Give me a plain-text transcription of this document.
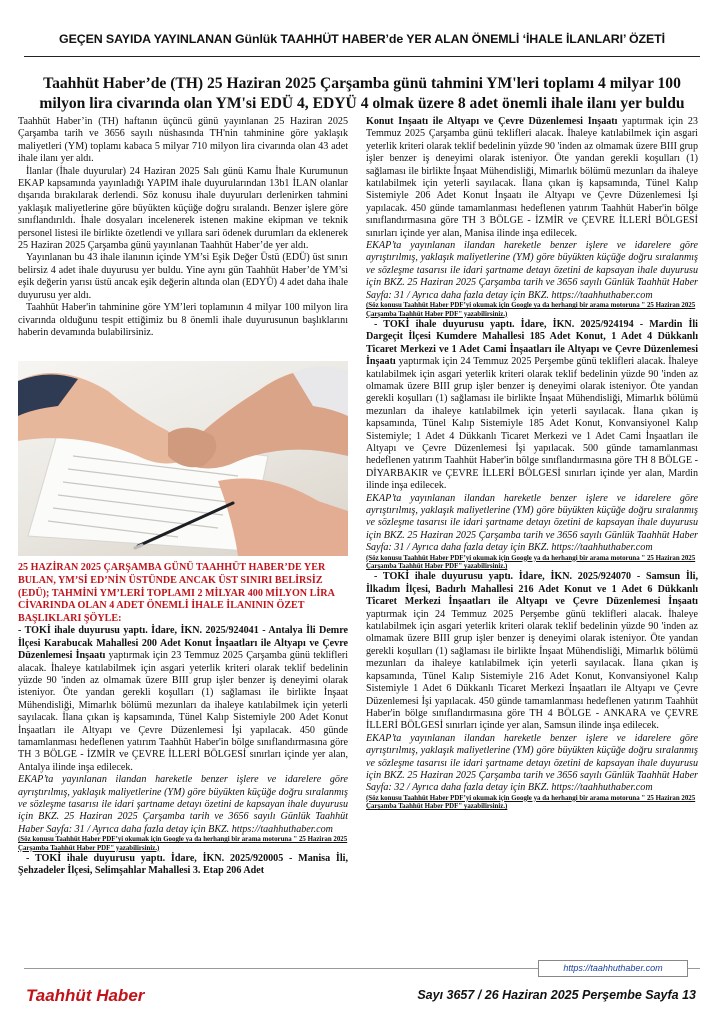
GEÇEN SAYIDA YAYINLANAN Günlük TAAHHÜT HABER’de YER ALAN ÖNEMLİ ‘İHALE İLANLARI’ ÖZETİ
Taahhüt Haber’de (TH) 25 Haziran 2025 Çarşamba günü tahmini YM'leri toplamı 4 milyar 100 milyon lira civarında olan YM'si EDÜ 4, EDYÜ 4 olmak üzere 8 adet önemli ihale ilanı yer buldu

Taahhüt Haber’in (TH) haftanın üçüncü günü yayınlanan 25 Haziran 2025 Çarşamba tarih ve 3656 sayılı nüshasında TH'nin tahminine göre yaklaşık maliyetleri (YM) toplamı kabaca 5 milyar 710 milyon lira civarında olan 43 adet ihale ilanı yer aldı.

İlanlar (İhale duyurular) 24 Haziran 2025 Salı günü Kamu İhale Kurumunun EKAP kapsamında yayınladığı YAPIM ihale duyurularından 13b1 İLAN olanlar dışarıda bırakılarak derlendi. Söz konusu ihale duyuruları derlenirken tahmini yaklaşık maliyetlerine göre büyükten küçüğe doğru sıralandı. Benzer işlere göre sınıflandırıldı. İhale dosyaları incelenerek istenen makine ekipman ve teknik personel listesi ile birlikte özetlendi ve yıllara sari ödenek durumları da eklenerek 25 Haziran 2025 Çarşamba günü yayınlanan Taahhüt Haber’de yer aldı.

Yayınlanan bu 43 ihale ilanının içinde YM’si Eşik Değer Üstü (EDÜ) üst sınırı belirsiz 4 adet ihale duyurusu yer buldu. Yine aynı gün Taahhüt Haber’de YM’si eşik değerin yarısı üstü ancak eşik değerin altında olan (EDYÜ) 4 adet daha ihale duyurusu yer aldı.

Taahhüt Haber'in tahminine göre YM’leri toplamının 4 milyar 100 milyon lira civarında olduğunu tespit ettiğimiz bu 8 önemli ihale duyurusunun başlıklarını haberin devamında bulabilirsiniz.

25 HAZİRAN 2025 ÇARŞAMBA GÜNÜ TAAHHÜT HABER’DE YER BULAN, YM’Sİ ED’NİN ÜSTÜNDE ANCAK ÜST SINIRI BELİRSİZ (EDÜ); TAHMİNİ YM’LERİ TOPLAMI 2 MİLYAR 400 MİLYON LİRA CİVARINDA OLAN 4 ADET ÖNEMLİ İHALE İLANININ ÖZET BAŞLIKLARI ŞÖYLE:

- TOKİ ihale duyurusu yaptı. İdare, İKN. 2025/924041 - Antalya İli Demre İlçesi Karabucak Mahallesi 200 Adet Konut İnşaatları ile Altyapı ve Çevre Düzenlemesi İnşaatı yaptırmak için 23 Temmuz 2025 Çarşamba günü teklifleri alacak. İhaleye katılabilmek için asgari yeterlik kriteri olarak teklif bedelinin yüzde 90 'inden az olmamak üzere BIII grup işler benzer iş deneyimi olarak isteniyor. Öte yandan gerekli koşulları (1) sağlaması ile birlikte İnşaat Mühendisliği, Mimarlık bölümü mezunları da ihaleye katılabilmek için yeterli sayılacak. İlana çıkan iş kapsamında, Tünel Kalıp Sistemiyle 200 Adet Konut İnşaatları ile Altyapı ve Çevre Düzenlemesi İşi yapılacak. 450 günde tamamlanması hedeflenen yatırım Taahhüt Haber'in bölge sınıflandırmasına göre TH 3 BÖLGE - İZMİR ve ÇEVRE İLLERİ BÖLGESİ sınırları içinde yer alan, Antalya ilinde inşa edilecek.

EKAP’ta yayınlanan ilandan hareketle benzer işlere ve idarelere göre ayrıştırılmış, yaklaşık maliyetlerine (YM) göre büyükten küçüğe doğru sıralanmış ve sözleşme tasarısı ile idari şartname detayı özetini de kapsayan ihale duyurusu için BKZ. 25 Haziran 2025 Çarşamba tarih ve 3656 sayılı Günlük Taahhüt Haber Sayfa: 31 / Ayrıca daha fazla detay için BKZ. https://taahhuthaber.com

(Söz konusu Taahhüt Haber PDF’yi okumak için Google ya da herhangi bir arama motoruna " 25 Haziran 2025 Çarşamba Taahhüt Haber PDF" yazabilirsiniz.)

- TOKİ ihale duyurusu yaptı. İdare, İKN. 2025/920005 - Manisa İli, Şehzadeler İlçesi, Selimşahlar Mahallesi 3. Etap 206 Adet

Konut İnşaatı ile Altyapı ve Çevre Düzenlemesi İnşaatı yaptırmak için 23 Temmuz 2025 Çarşamba günü teklifleri alacak. İhaleye katılabilmek için asgari yeterlik kriteri olarak teklif bedelinin yüzde 90 'inden az olmamak üzere BIII grup işler benzer iş deneyimi olarak isteniyor. Öte yandan gerekli koşulları (1) sağlaması ile birlikte İnşaat Mühendisliği, Mimarlık bölümü mezunları da ihaleye katılabilmek için yeterli sayılacak. İlana çıkan iş kapsamında, Tünel Kalıp Sistemiyle 206 Adet Konut İnşaatı ile Altyapı ve Çevre Düzenlemesi İşi yapılacak. 450 günde tamamlanması hedeflenen yatırım Taahhüt Haber'in bölge sınıflandırmasına göre TH 3 BÖLGE - İZMİR ve ÇEVRE İLLERİ BÖLGESİ sınırları içinde yer alan, Manisa ilinde inşa edilecek.

EKAP’ta yayınlanan ilandan hareketle benzer işlere ve idarelere göre ayrıştırılmış, yaklaşık maliyetlerine (YM) göre büyükten küçüğe doğru sıralanmış ve sözleşme tasarısı ile idari şartname detayı özetini de kapsayan ihale duyurusu için BKZ. 25 Haziran 2025 Çarşamba tarih ve 3656 sayılı Günlük Taahhüt Haber Sayfa: 31 / Ayrıca daha fazla detay için BKZ. https://taahhuthaber.com

(Söz konusu Taahhüt Haber PDF’yi okumak için Google ya da herhangi bir arama motoruna " 25 Haziran 2025 Çarşamba Taahhüt Haber PDF" yazabilirsiniz.)

- TOKİ ihale duyurusu yaptı. İdare, İKN. 2025/924194 - Mardin İli Dargeçit İlçesi Kumdere Mahallesi 185 Adet Konut, 1 Adet 4 Dükkanlı Ticaret Merkezi ve 1 Adet Cami İnşaatları ile Altyapı ve Çevre Düzenlemesi İnşaatı yaptırmak için 24 Temmuz 2025 Perşembe günü teklifleri alacak. İhaleye katılabilmek için asgari yeterlik kriteri olarak teklif bedelinin yüzde 90 'inden az olmamak üzere BIII grup işler benzer iş deneyimi olarak isteniyor. Öte yandan gerekli koşulları (1) sağlaması ile birlikte İnşaat Mühendisliği, Mimarlık bölümü mezunları da ihaleye katılabilmek için yeterli sayılacak. İlana çıkan iş kapsamında, Tünel Kalıp Sistemiyle 185 Adet Konut, Konvansiyonel Kalıp Sistemiyle; 1 Adet 4 Dükkanlı Ticaret Merkezi ve 1 Adet Cami İnşaatları ile Altyapı ve Çevre Düzenlemesi İşi yapılacak. 500 günde tamamlanması hedeflenen yatırım Taahhüt Haber'in bölge sınıflandırmasına göre TH 8 BÖLGE - DİYARBAKIR ve ÇEVRE İLLERİ BÖLGESİ sınırları içinde yer alan, Mardin ilinde inşa edilecek.

EKAP’ta yayınlanan ilandan hareketle benzer işlere ve idarelere göre ayrıştırılmış, yaklaşık maliyetlerine (YM) göre büyükten küçüğe doğru sıralanmış ve sözleşme tasarısı ile idari şartname detayı özetini de kapsayan ihale duyurusu için BKZ. 25 Haziran 2025 Çarşamba tarih ve 3656 sayılı Günlük Taahhüt Haber Sayfa: 31 / Ayrıca daha fazla detay için BKZ. https://taahhuthaber.com

(Söz konusu Taahhüt Haber PDF’yi okumak için Google ya da herhangi bir arama motoruna " 25 Haziran 2025 Çarşamba Taahhüt Haber PDF" yazabilirsiniz.)

- TOKİ ihale duyurusu yaptı. İdare, İKN. 2025/924070 - Samsun İli, İlkadım İlçesi, Badırlı Mahallesi 216 Adet Konut ve 1 Adet 6 Dükkanlı Ticaret Merkezi İnşaatları ile Altyapı ve Çevre Düzenlemesi İnşaatı yaptırmak için 24 Temmuz 2025 Perşembe günü teklifleri alacak. İhaleye katılabilmek için asgari yeterlik kriteri olarak teklif bedelinin yüzde 90 'inden az olmamak üzere BIII grup işler benzer iş deneyimi olarak isteniyor. Öte yandan gerekli koşulları (1) sağlaması ile birlikte İnşaat Mühendisliği, Mimarlık bölümü mezunları da ihaleye katılabilmek için yeterli sayılacak. İlana çıkan iş kapsamında, Tünel Kalıp Sistemiyle 216 Adet Konut, Konvansiyonel Kalıp Sistemiyle 1 Adet 6 Dükkanlı Ticaret Merkezi İnşaatları ile Altyapı ve Çevre Düzenlemesi İşi yapılacak. 450 günde tamamlanması hedeflenen yatırım Taahhüt Haber'in bölge sınıflandırmasına göre TH 4 BÖLGE - ANKARA ve ÇEVRE İLLERİ BÖLGESİ sınırları içinde yer alan, Samsun ilinde inşa edilecek.

EKAP’ta yayınlanan ilandan hareketle benzer işlere ve idarelere göre ayrıştırılmış, yaklaşık maliyetlerine (YM) göre büyükten küçüğe doğru sıralanmış ve sözleşme tasarısı ile idari şartname detayı özetini de kapsayan ihale duyurusu için BKZ. 25 Haziran 2025 Çarşamba tarih ve 3656 sayılı Günlük Taahhüt Haber Sayfa: 32 / Ayrıca daha fazla detay için BKZ. https://taahhuthaber.com

(Söz konusu Taahhüt Haber PDF’yi okumak için Google ya da herhangi bir arama motoruna " 25 Haziran 2025 Çarşamba Taahhüt Haber PDF" yazabilirsiniz.)

https://taahhuthaber.com
Taahhüt Haber	Sayı 3657 / 26 Haziran 2025 Perşembe Sayfa 13
